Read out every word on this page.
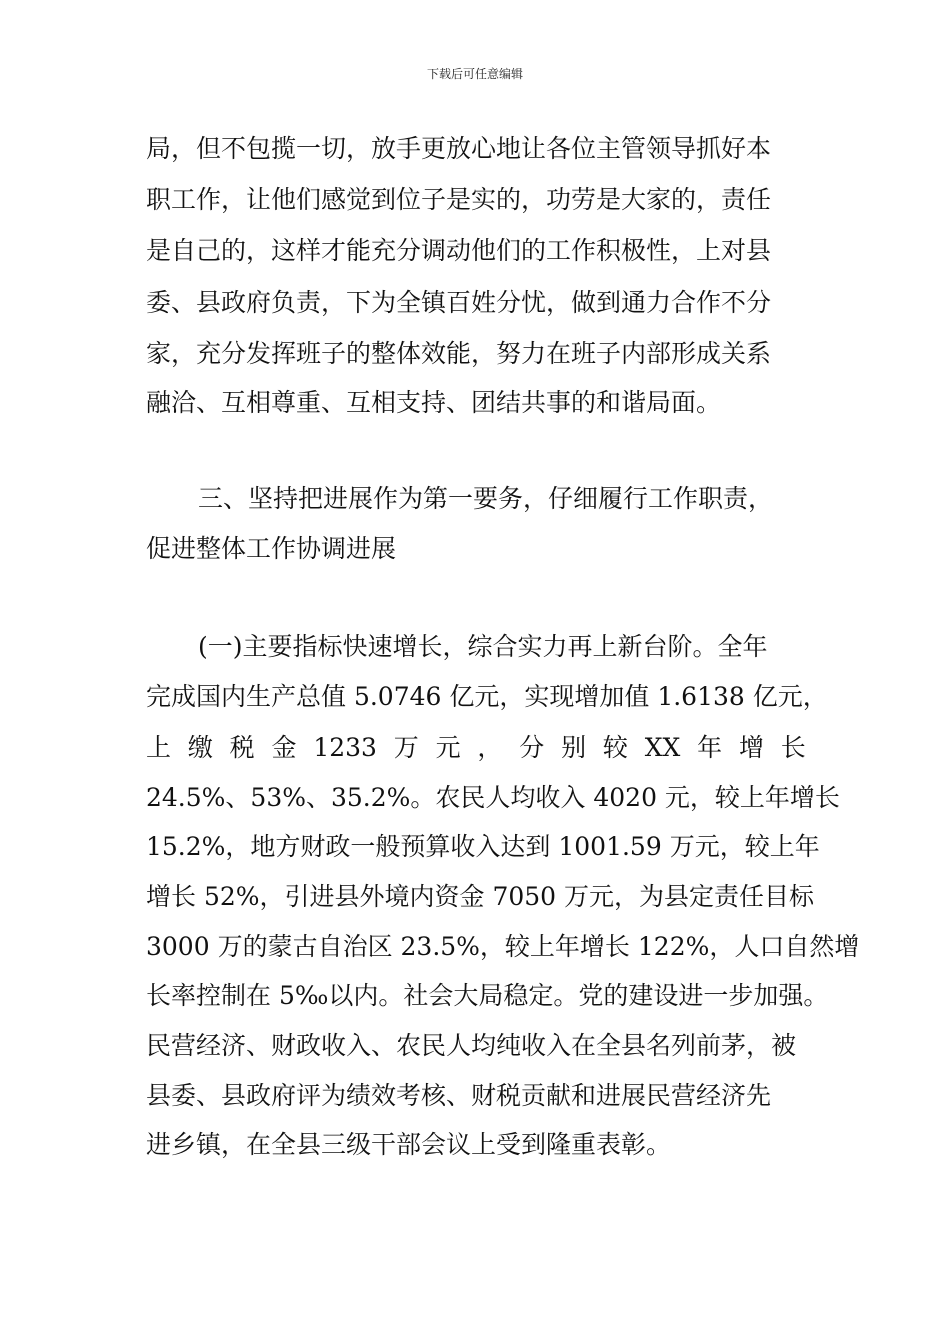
下载后可任意编辑
局，但不包揽一切，放手更放心地让各位主管领导抓好本
职工作，让他们感觉到位子是实的，功劳是大家的，责任
是自己的，这样才能充分调动他们的工作积极性，上对县
委、县政府负责，下为全镇百姓分忧，做到通力合作不分
家，充分发挥班子的整体效能，努力在班子内部形成关系
融洽、互相尊重、互相支持、团结共事的和谐局面。
三、坚持把进展作为第一要务，仔细履行工作职责，
促进整体工作协调进展
(一)主要指标快速增长，综合实力再上新台阶。全年
完成国内生产总值 5.0746 亿元，实现增加值 1.6138 亿元，
上 缴 税 金 1233 万 元 ， 分 别 较 XX 年 增 长
24.5%、53%、35.2%。农民人均收入 4020 元，较上年增长
15.2%，地方财政一般预算收入达到 1001.59 万元，较上年
增长 52%，引进县外境内资金 7050 万元，为县定责任目标
3000 万的蒙古自治区 23.5%，较上年增长 122%，人口自然增
长率控制在 5‰以内。社会大局稳定。党的建设进一步加强。
民营经济、财政收入、农民人均纯收入在全县名列前茅，被
县委、县政府评为绩效考核、财税贡献和进展民营经济先
进乡镇，在全县三级干部会议上受到隆重表彰。
